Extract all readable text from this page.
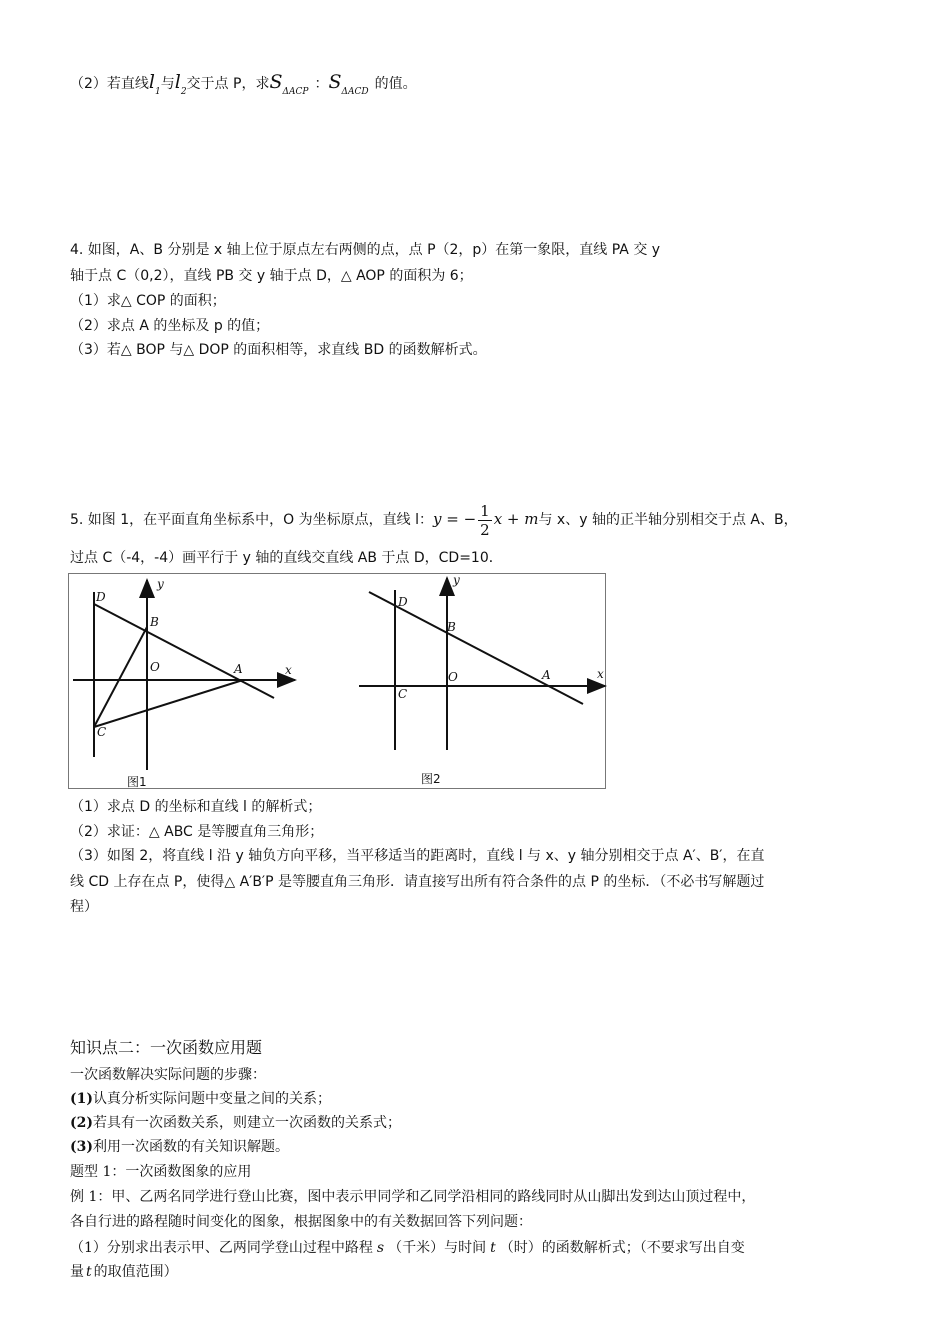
（2）若直线$l_1$与$l_2$交于点 P，求$S_{\Delta ACP}$ ：$S_{\Delta ACD}$ 的值。
4. 如图，A、B 分别是 x 轴上位于原点左右两侧的点，点 P（2，p）在第一象限，直线 PA 交 y
轴于点 C（0,2），直线 PB 交 y 轴于点 D，△ AOP 的面积为 6；
（1）求△ COP 的面积；
（2）求点 A 的坐标及 p 的值；
（3）若△ BOP 与△ DOP 的面积相等，求直线 BD 的函数解析式。
5. 如图 1，在平面直角坐标系中，O 为坐标原点，直线 l：y = − $\frac{1}{2}$ x + m与 x、y 轴的正半轴分别相交于点 A、B，
过点 C（-4，-4）画平行于 y 轴的直线交直线 AB 于点 D，CD=10．
y
x
D
B
O	A
C
图1
y
x
D
B
O	A
C
图2
（1）求点 D 的坐标和直线 l 的解析式；
（2）求证：△ ABC 是等腰直角三角形；
（3）如图 2，将直线 l 沿 y 轴负方向平移，当平移适当的距离时，直线 l 与 x、y 轴分别相交于点 A′、B′，在直
线 CD 上存在点 P，使得△ A′B′P 是等腰直角三角形．请直接写出所有符合条件的点 P 的坐标．（不必书写解题过
程）
知识点二：一次函数应用题
一次函数解决实际问题的步骤：
(1)认真分析实际问题中变量之间的关系；
(2)若具有一次函数关系，则建立一次函数的关系式；
(3)利用一次函数的有关知识解题。
题型 1：一次函数图象的应用
例 1：甲、乙两名同学进行登山比赛，图中表示甲同学和乙同学沿相同的路线同时从山脚出发到达山顶过程中，
各自行进的路程随时间变化的图象，根据图象中的有关数据回答下列问题：
（1）分别求出表示甲、乙两同学登山过程中路程 s （千米）与时间 t （时）的函数解析式；（不要求写出自变
量 t 的取值范围）
